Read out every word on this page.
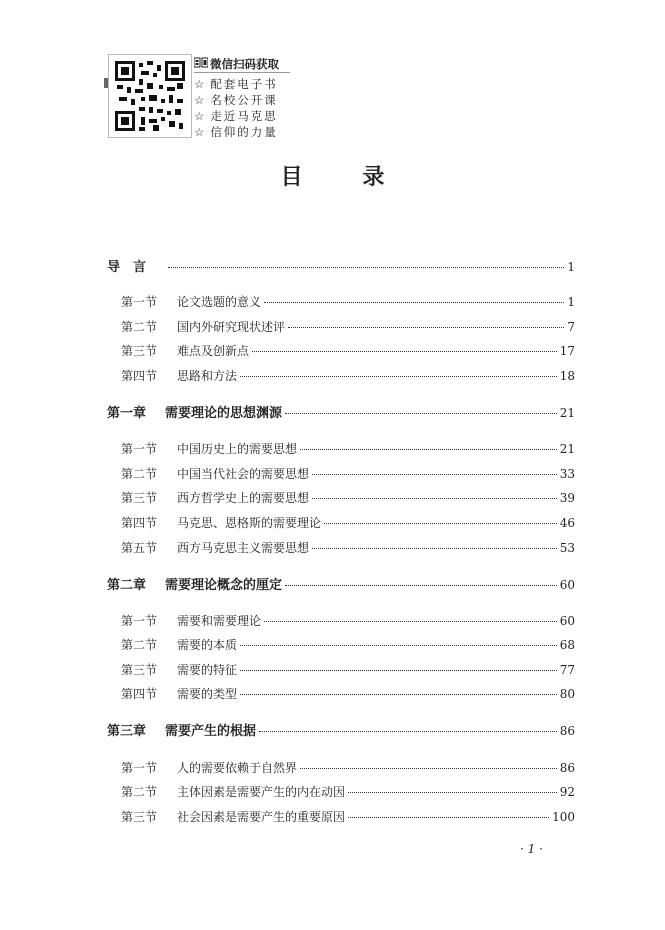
微信扫码获取
☆ 配套电子书
☆ 名校公开课
☆ 走近马克思
☆ 信仰的力量
目 录
导　言	1
第一节	论文选题的意义	1
第二节	国内外研究现状述评	7
第三节	难点及创新点	17
第四节	思路和方法	18
第一章	需要理论的思想渊源	21
第一节	中国历史上的需要思想	21
第二节	中国当代社会的需要思想	33
第三节	西方哲学史上的需要思想	39
第四节	马克思、恩格斯的需要理论	46
第五节	西方马克思主义需要思想	53
第二章	需要理论概念的厘定	60
第一节	需要和需要理论	60
第二节	需要的本质	68
第三节	需要的特征	77
第四节	需要的类型	80
第三章	需要产生的根据	86
第一节	人的需要依赖于自然界	86
第二节	主体因素是需要产生的内在动因	92
第三节	社会因素是需要产生的重要原因	100
· 1 ·
